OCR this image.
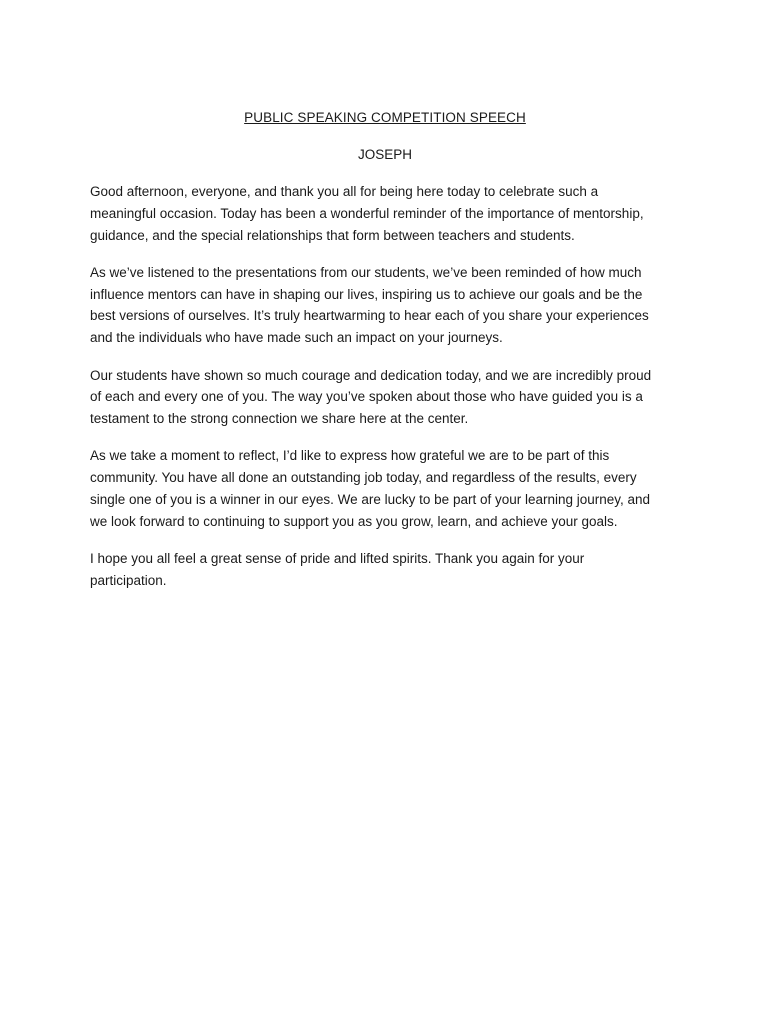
PUBLIC SPEAKING COMPETITION SPEECH
JOSEPH

Good afternoon, everyone, and thank you all for being here today to celebrate such a
meaningful occasion. Today has been a wonderful reminder of the importance of mentorship,
guidance, and the special relationships that form between teachers and students.

As we’ve listened to the presentations from our students, we’ve been reminded of how much
influence mentors can have in shaping our lives, inspiring us to achieve our goals and be the
best versions of ourselves. It’s truly heartwarming to hear each of you share your experiences
and the individuals who have made such an impact on your journeys.

Our students have shown so much courage and dedication today, and we are incredibly proud
of each and every one of you. The way you’ve spoken about those who have guided you is a
testament to the strong connection we share here at the center.

As we take a moment to reflect, I’d like to express how grateful we are to be part of this
community. You have all done an outstanding job today, and regardless of the results, every
single one of you is a winner in our eyes. We are lucky to be part of your learning journey, and
we look forward to continuing to support you as you grow, learn, and achieve your goals.

I hope you all feel a great sense of pride and lifted spirits. Thank you again for your
participation.
